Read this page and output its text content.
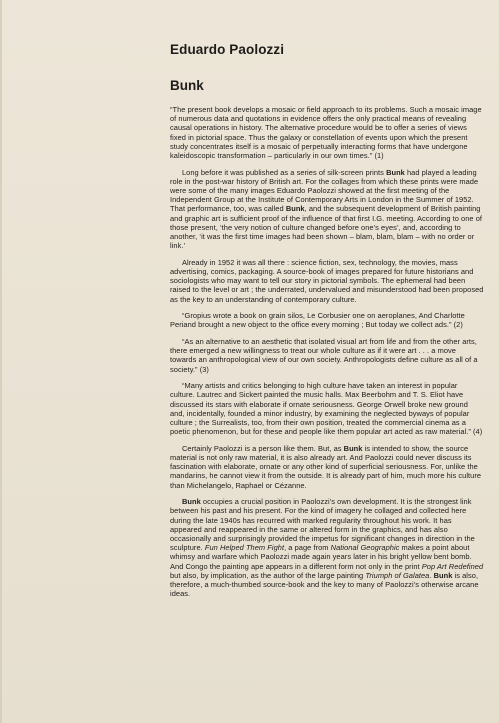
Eduardo Paolozzi
Bunk

“The present book develops a mosaic or field approach to its problems. Such a mosaic image of numerous data and quotations in evidence offers the only practical means of revealing causal operations in history. The alternative procedure would be to offer a series of views fixed in pictorial space. Thus the galaxy or constellation of events upon which the present study concentrates itself is a mosaic of perpetually interacting forms that have undergone kaleidoscopic transformation – particularly in our own times.” (1)

Long before it was published as a series of silk-screen prints Bunk had played a leading role in the post-war history of British art. For the collages from which these prints were made were some of the many images Eduardo Paolozzi showed at the first meeting of the Independent Group at the Institute of Contemporary Arts in London in the Summer of 1952. That performance, too, was called Bunk, and the subsequent development of British painting and graphic art is sufficient proof of the influence of that first I.G. meeting. According to one of those present, ‘the very notion of culture changed before one’s eyes’, and, according to another, ‘it was the first time images had been shown – blam, blam, blam – with no order or link.’

Already in 1952 it was all there : science fiction, sex, technology, the movies, mass advertising, comics, packaging. A source-book of images prepared for future historians and sociologists who may want to tell our story in pictorial symbols. The ephemeral had been raised to the level or art ; the underrated, undervalued and misunderstood had been proposed as the key to an understanding of contemporary culture.

“Gropius wrote a book on grain silos, Le Corbusier one on aeroplanes, And Charlotte Periand brought a new object to the office every morning ; But today we collect ads.” (2)

“As an alternative to an aesthetic that isolated visual art from life and from the other arts, there emerged a new willingness to treat our whole culture as if it were art . . . a move towards an anthropological view of our own society. Anthropologists define culture as all of a society.” (3)

“Many artists and critics belonging to high culture have taken an interest in popular culture. Lautrec and Sickert painted the music halls. Max Beerbohm and T. S. Eliot have discussed its stars with elaborate if ornate seriousness. George Orwell broke new ground and, incidentally, founded a minor industry, by examining the neglected byways of popular culture ; the Surrealists, too, from their own position, treated the commercial cinema as a poetic phenomenon, but for these and people like them popular art acted as raw material.” (4)

Certainly Paolozzi is a person like them. But, as Bunk is intended to show, the source material is not only raw material, it is also already art. And Paolozzi could never discuss its fascination with elaborate, ornate or any other kind of superficial seriousness. For, unlike the mandarins, he cannot view it from the outside. It is already part of him, much more his culture than Michelangelo, Raphael or Cézanne.

Bunk occupies a crucial position in Paolozzi’s own development. It is the strongest link between his past and his present. For the kind of imagery he collaged and collected here during the late 1940s has recurred with marked regularity throughout his work. It has appeared and reappeared in the same or altered form in the graphics, and has also occasionally and surprisingly provided the impetus for significant changes in direction in the sculpture. Fun Helped Them Fight, a page from National Geographic makes a point about whimsy and warfare which Paolozzi made again years later in his bright yellow bent bomb. And Congo the painting ape appears in a different form not only in the print Pop Art Redefined but also, by implication, as the author of the large painting Triumph of Galatea. Bunk is also, therefore, a much-thumbed source-book and the key to many of Paolozzi’s otherwise arcane ideas.
